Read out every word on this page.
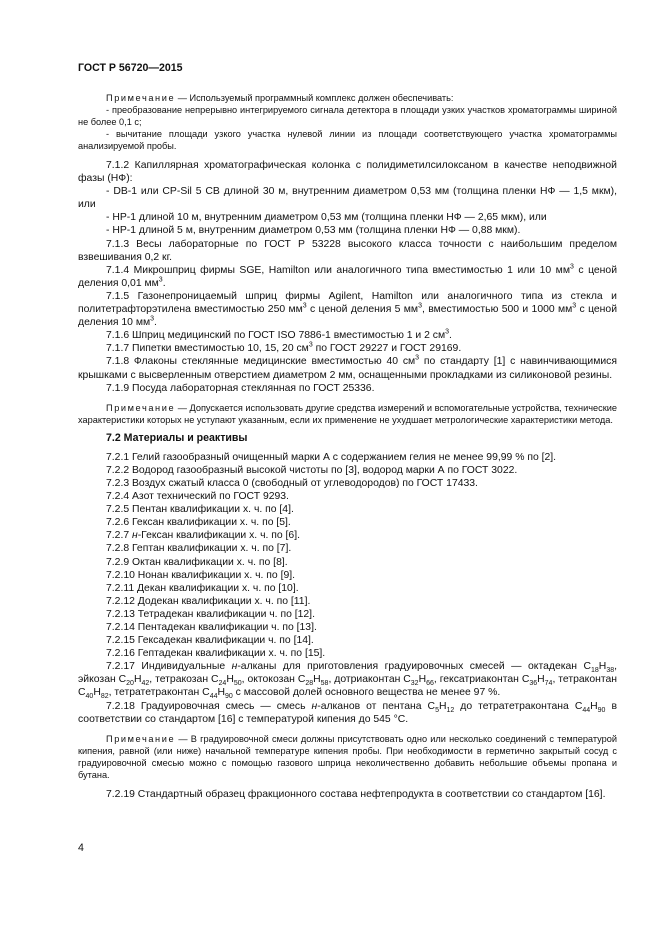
ГОСТ Р 56720—2015

Примечание — Используемый программный комплекс должен обеспечивать:

- преобразование непрерывно интегрируемого сигнала детектора в площади узких участков хроматограммы шириной не более 0,1 с;

- вычитание площади узкого участка нулевой линии из площади соответствующего участка хроматограммы анализируемой пробы.

7.1.2 Капиллярная хроматографическая колонка с полидиметилсилоксаном в качестве неподвижной фазы (НФ):

- DB-1 или CP-Sil 5 CB длиной 30 м, внутренним диаметром 0,53 мм (толщина пленки НФ — 1,5 мкм), или

- HP-1 длиной 10 м, внутренним диаметром 0,53 мм (толщина пленки НФ — 2,65 мкм), или

- HP-1 длиной 5 м, внутренним диаметром 0,53 мм (толщина пленки НФ — 0,88 мкм).

7.1.3 Весы лабораторные по ГОСТ Р 53228 высокого класса точности с наибольшим пределом взвешивания 0,2 кг.

7.1.4 Микрошприц фирмы SGE, Hamilton или аналогичного типа вместимостью 1 или 10 $мм^3$ с ценой деления 0,01 $мм^3$.

7.1.5 Газонепроницаемый шприц фирмы Agilent, Hamilton или аналогичного типа из стекла и политетрафторэтилена вместимостью 250 $мм^3$ с ценой деления 5 $мм^3$, вместимостью 500 и 1000 $мм^3$ с ценой деления 10 $мм^3$.

7.1.6 Шприц медицинский по ГОСТ ISO 7886-1 вместимостью 1 и 2 $см^3$.

7.1.7 Пипетки вместимостью 10, 15, 20 $см^3$ по ГОСТ 29227 и ГОСТ 29169.

7.1.8 Флаконы стеклянные медицинские вместимостью 40 $см^3$ по стандарту [1] с навинчивающимися крышками с высверленным отверстием диаметром 2 мм, оснащенными прокладками из силиконовой резины.

7.1.9 Посуда лабораторная стеклянная по ГОСТ 25336.

Примечание — Допускается использовать другие средства измерений и вспомогательные устройства, технические характеристики которых не уступают указанным, если их применение не ухудшает метрологические характеристики метода.

7.2 Материалы и реактивы

7.2.1 Гелий газообразный очищенный марки А с содержанием гелия не менее 99,99 % по [2].

7.2.2 Водород газообразный высокой чистоты по [3], водород марки А по ГОСТ 3022.

7.2.3 Воздух сжатый класса 0 (свободный от углеводородов) по ГОСТ 17433.

7.2.4 Азот технический по ГОСТ 9293.

7.2.5 Пентан квалификации х. ч. по [4].

7.2.6 Гексан квалификации х. ч. по [5].

7.2.7 н-Гексан квалификации х. ч. по [6].

7.2.8 Гептан квалификации х. ч. по [7].

7.2.9 Октан квалификации х. ч. по [8].

7.2.10 Нонан квалификации х. ч. по [9].

7.2.11 Декан квалификации х. ч. по [10].

7.2.12 Додекан квалификации х. ч. по [11].

7.2.13 Тетрадекан квалификации ч. по [12].

7.2.14 Пентадекан квалификации ч. по [13].

7.2.15 Гексадекан квалификации ч. по [14].

7.2.16 Гептадекан квалификации х. ч. по [15].

7.2.17 Индивидуальные н-алканы для приготовления градуировочных смесей — октадекан $C_{18}H_{38}$, эйкозан $C_{20}H_{42}$, тетракозан $C_{24}H_{50}$, октокозан $C_{28}H_{58}$, дотриаконтан $C_{32}H_{66}$, гексатриаконтан $C_{36}H_{74}$, тетраконтан $C_{40}H_{82}$, тетратетраконтан $C_{44}H_{90}$ с массовой долей основного вещества не менее 97 %.

7.2.18 Градуировочная смесь — смесь н-алканов от пентана $C_5H_{12}$ до тетратетраконтана $C_{44}H_{90}$ в соответствии со стандартом [16] с температурой кипения до 545 °С.

Примечание — В градуировочной смеси должны присутствовать одно или несколько соединений с температурой кипения, равной (или ниже) начальной температуре кипения пробы. При необходимости в герметично закрытый сосуд с градуировочной смесью можно с помощью газового шприца неколичественно добавить небольшие объемы пропана и бутана.

7.2.19 Стандартный образец фракционного состава нефтепродукта в соответствии со стандартом [16].

4
